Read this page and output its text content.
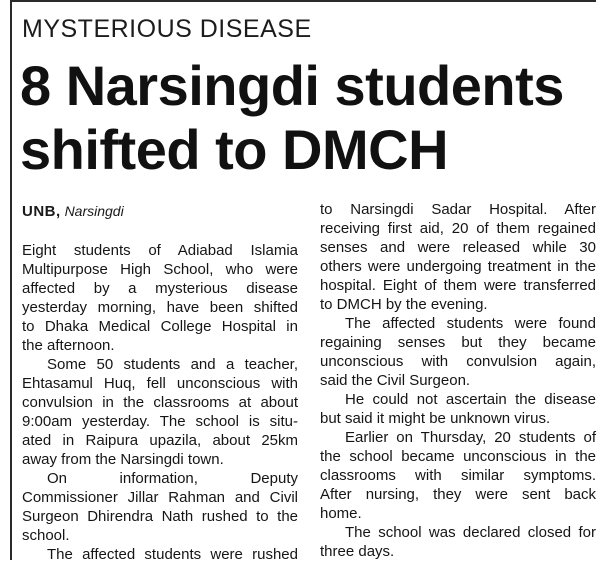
MYSTERIOUS DISEASE
8 Narsingdi students
shifted to DMCH
UNB, Narsingdi
Eight students of Adiabad Islamia
Multipurpose High School, who were
affected by a mysterious disease
yesterday morning, have been shifted
to Dhaka Medical College Hospital in
the afternoon.
Some 50 students and a teacher,
Ehtasamul Huq, fell unconscious with
convulsion in the classrooms at about
9:00am yesterday. The school is situ-
ated in Raipura upazila, about 25km
away from the Narsingdi town.
On information, Deputy
Commissioner Jillar Rahman and Civil
Surgeon Dhirendra Nath rushed to the
school.
The affected students were rushed
to Narsingdi Sadar Hospital. After
receiving first aid, 20 of them regained
senses and were released while 30
others were undergoing treatment in the
hospital. Eight of them were transferred
to DMCH by the evening.
The affected students were found
regaining senses but they became
unconscious with convulsion again,
said the Civil Surgeon.
He could not ascertain the disease
but said it might be unknown virus.
Earlier on Thursday, 20 students of
the school became unconscious in the
classrooms with similar symptoms.
After nursing, they were sent back
home.
The school was declared closed for
three days.
